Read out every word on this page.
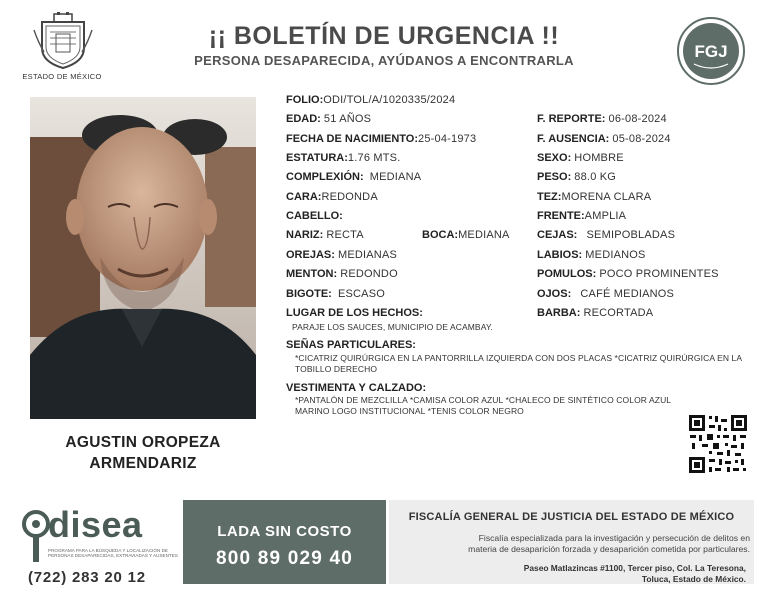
ESTADO DE MÉXICO
¡¡ BOLETÍN DE URGENCIA !!
PERSONA DESAPARECIDA, AYÚDANOS A ENCONTRARLA	FGJ
AGUSTIN OROPEZA
ARMENDARIZ
FOLIO:ODI/TOL/A/1020335/2024
EDAD: 51 AÑOS
FECHA DE NACIMIENTO:25-04-1973
ESTATURA:1.76 MTS.
COMPLEXIÓN: MEDIANA
CARA:REDONDA
CABELLO:
NARIZ: RECTA	BOCA:MEDIANA
OREJAS: MEDIANAS
MENTON: REDONDO
BIGOTE: ESCASO
LUGAR DE LOS HECHOS:
PARAJE LOS SAUCES, MUNICIPIO DE ACAMBAY.
F. REPORTE: 06-08-2024
F. AUSENCIA: 05-08-2024
SEXO: HOMBRE
PESO: 88.0 KG
TEZ:MORENA CLARA
FRENTE:AMPLIA
CEJAS: SEMIPOBLADAS
LABIOS: MEDIANOS
POMULOS: POCO PROMINENTES
OJOS: CAFÉ MEDIANOS
BARBA: RECORTADA
SEÑAS PARTICULARES:
*CICATRIZ QUIRÚRGICA EN LA PANTORRILLA IZQUIERDA CON DOS PLACAS *CICATRIZ QUIRÚRGICA EN LA
TOBILLO DERECHO
VESTIMENTA Y CALZADO:
*PANTALÓN DE MEZCLILLA *CAMISA COLOR AZUL *CHALECO DE SINTÉTICO COLOR AZUL
MARINO LOGO INSTITUCIONAL *TENIS COLOR NEGRO
disea
PROGRAMA PARA LA BÚSQUEDA Y LOCALIZACIÓN DE PERSONAS DESAPARECIDAS, EXTRAVIADAS Y AUSENTES
(722) 283 20 12
LADA SIN COSTO
800 89 029 40
FISCALÍA GENERAL DE JUSTICIA DEL ESTADO DE MÉXICO
Fiscalía especializada para la investigación y persecución de delitos en
materia de desaparición forzada y desaparición cometida por particulares.
Paseo Matlazincas #1100, Tercer piso, Col. La Teresona,
Toluca, Estado de México.
